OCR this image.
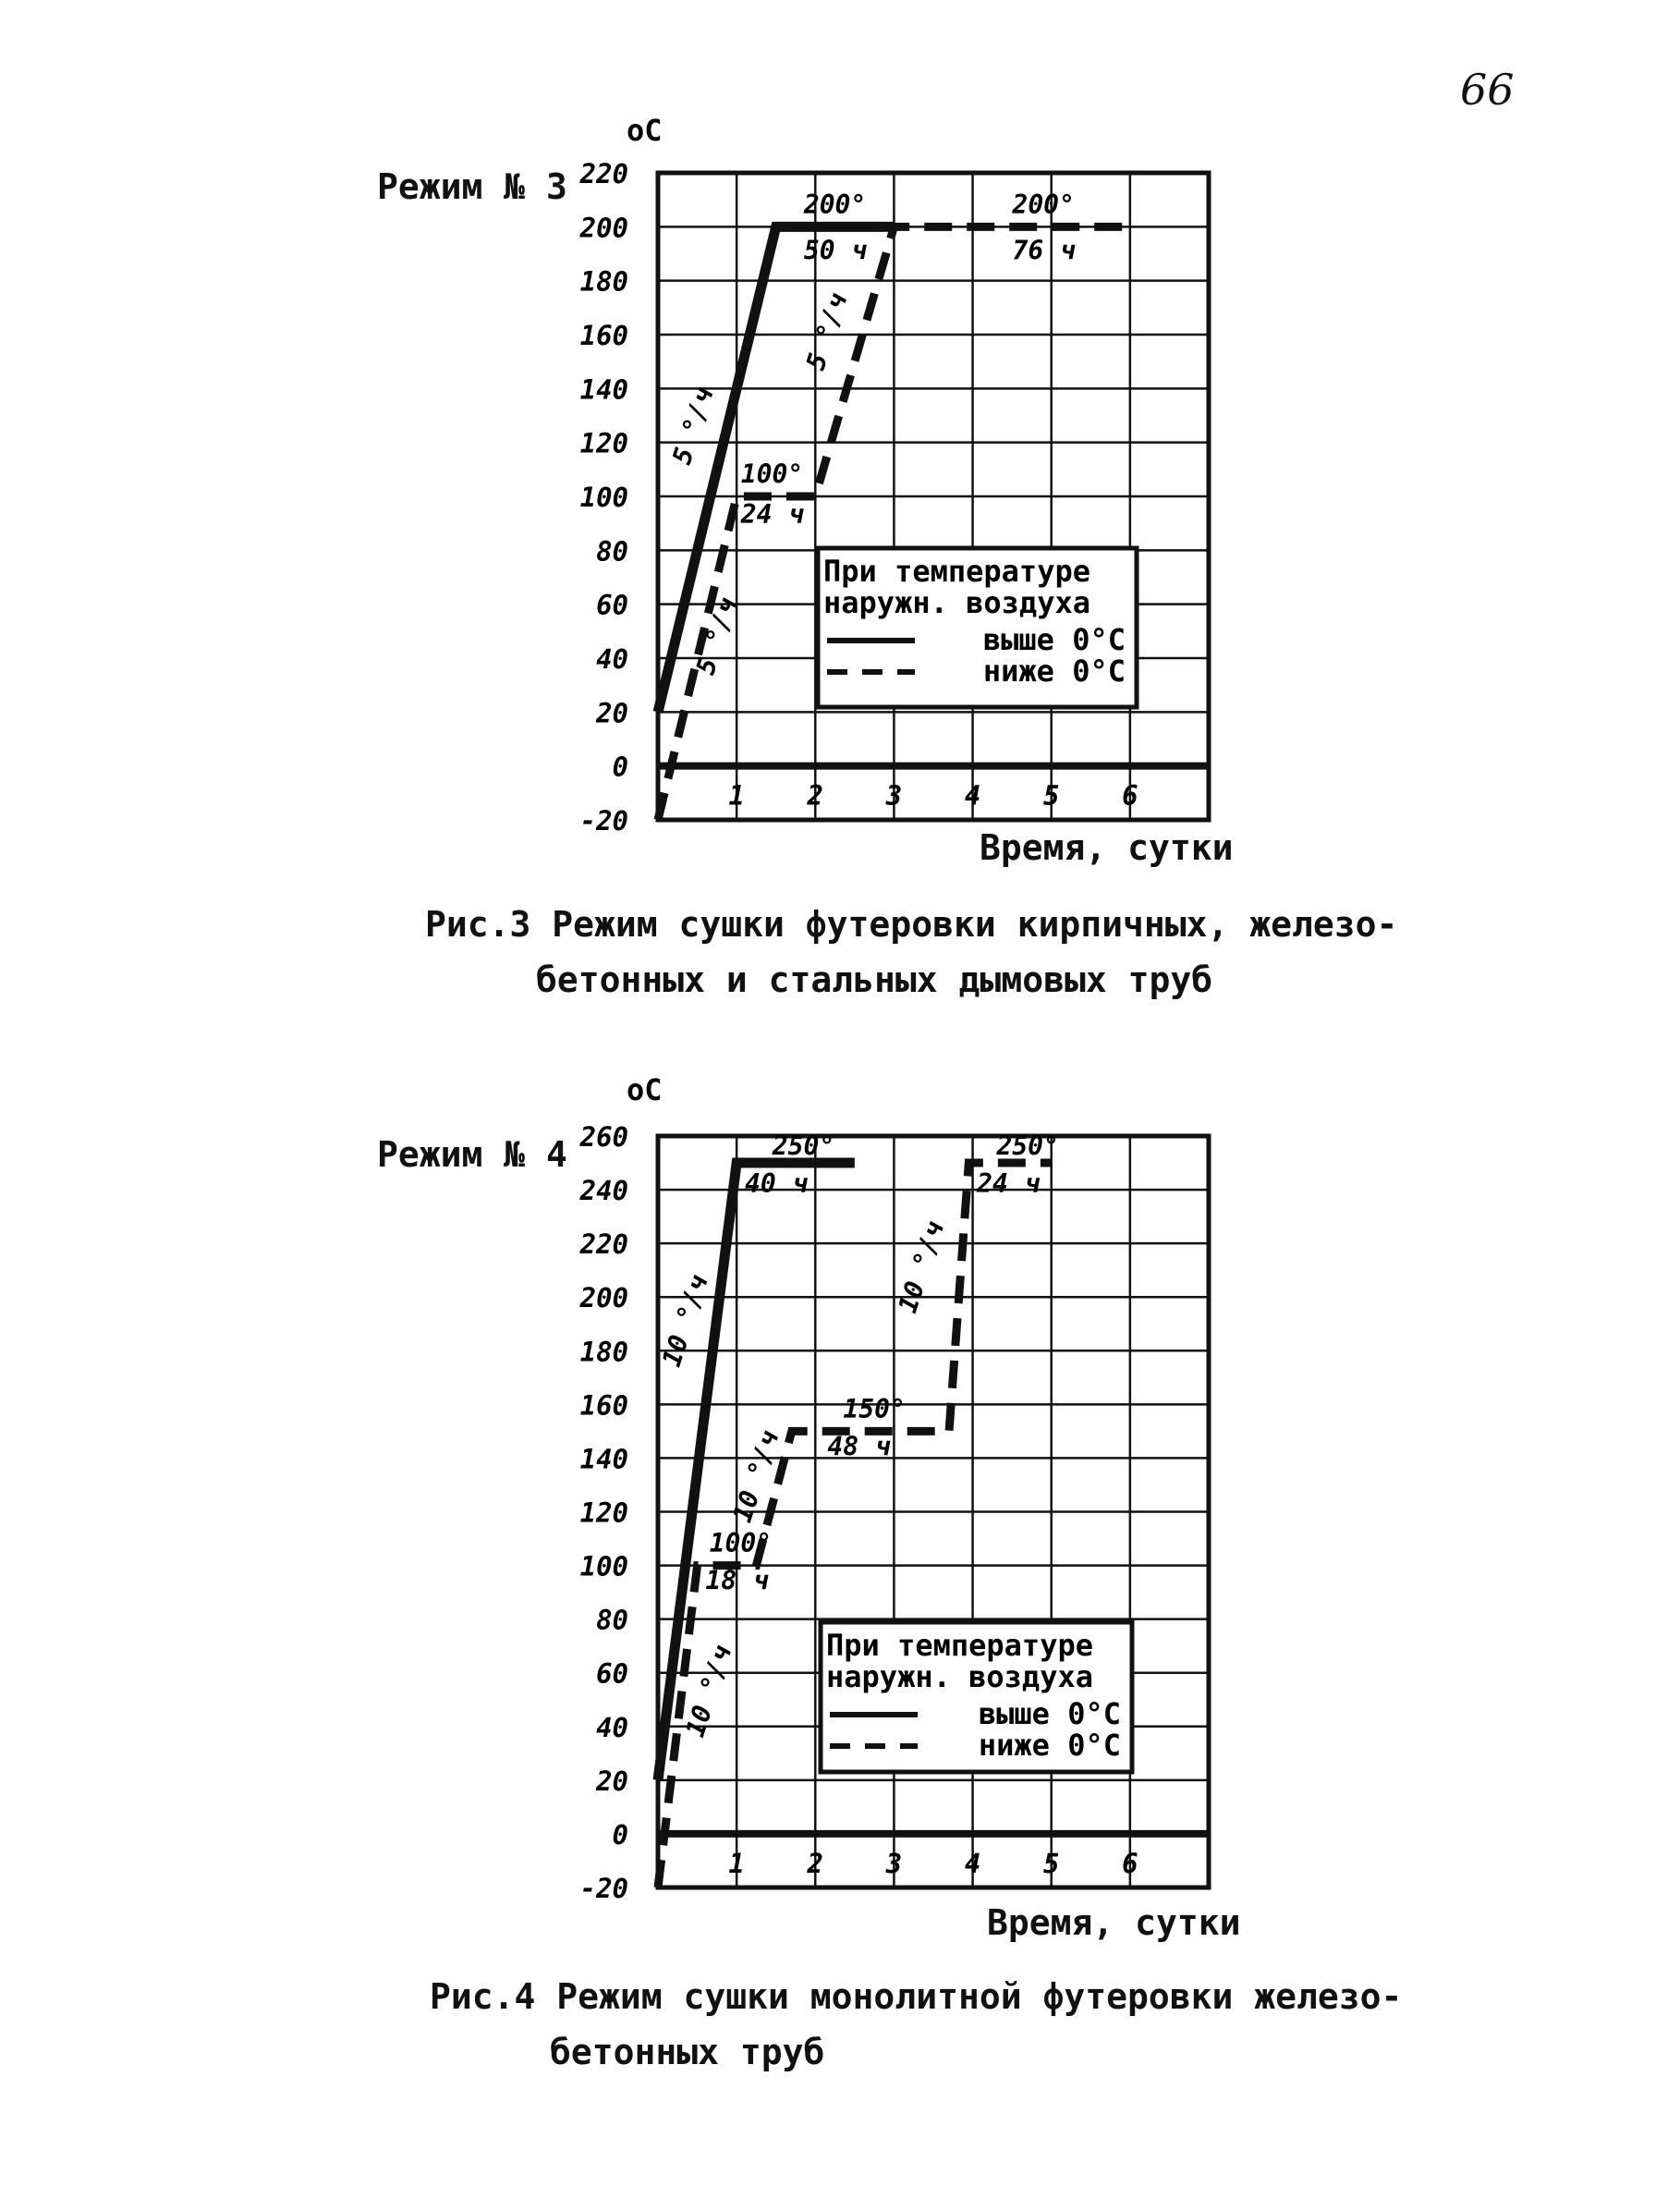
66
Режим № 3 220
200
180
160
140
120
100
80
60
40
20
0
-20
оС
1 2 3 4 5 6
200°
50 ч
200°
76 ч
100°
24 ч
5 °/ч
5 °/ч
5 °/ч
При температуре
наружн. воздуха
выше 0°С
ниже 0°С
Время, сутки
Рис.3 Режим сушки футеровки кирпичных, железо-
бетонных и стальных дымовых труб
Режим № 4 260
240
220
200
180
160
140
120
100
80
60
40
20
0
-20
оС
1 2 3 4 5 6
250°
40 ч
250°
24 ч
150°
48 ч
100°
18 ч
10 °/ч
10 °/ч
10 °/ч
10 °/ч	При температуре
наружн. воздуха
выше 0°С
ниже 0°С
Время, сутки
Рис.4 Режим сушки монолитной футеровки железо-
бетонных труб
